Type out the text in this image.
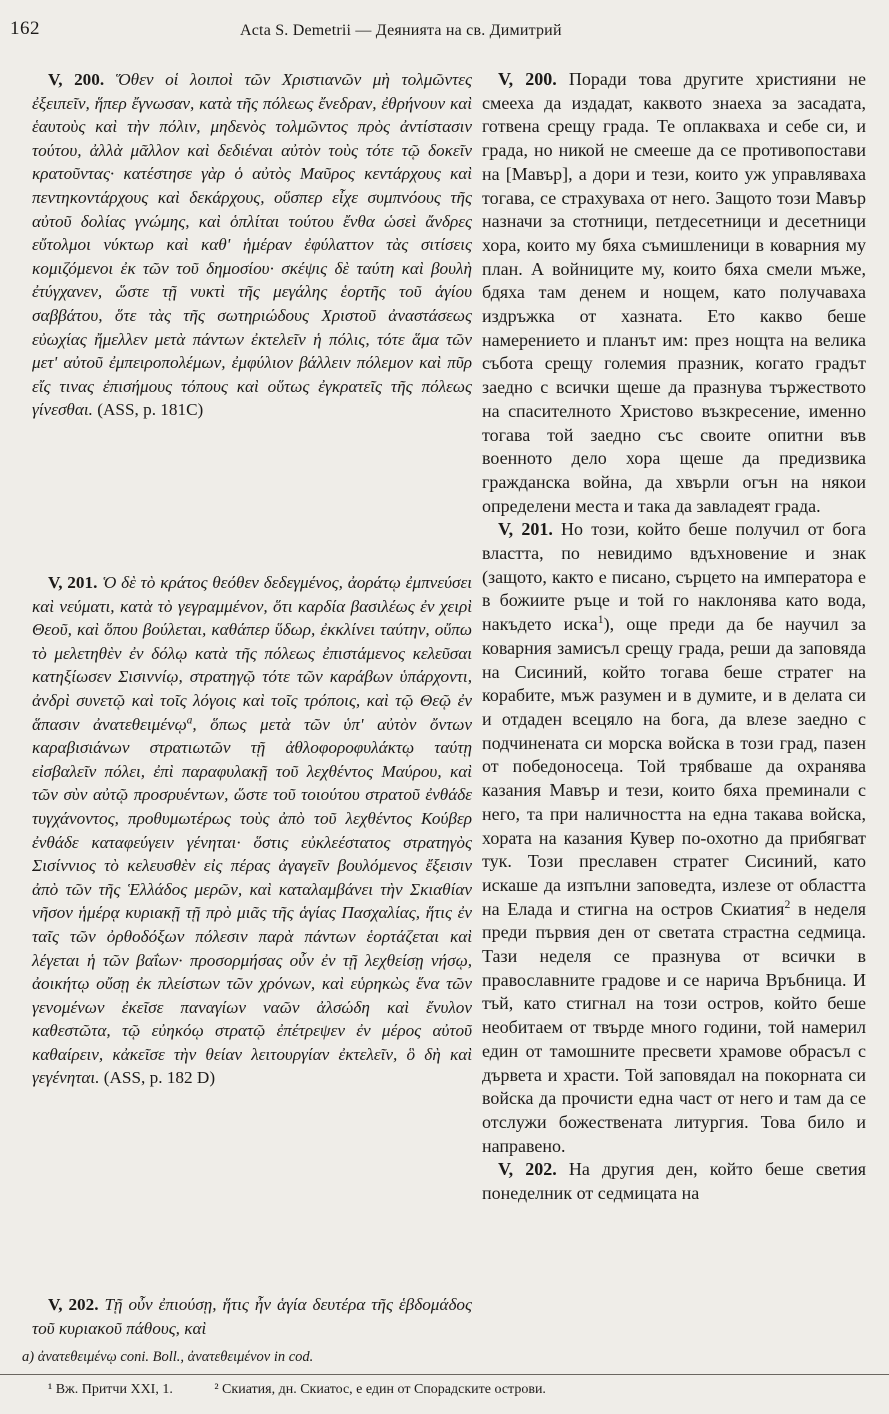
162	Acta S. Demetrii — Деянията на св. Димитрий

V, 200. Ὅθεν οἱ λοιποὶ τῶν Χριστιανῶν μὴ τολμῶντες ἐξειπεῖν, ἥπερ ἔγνωσαν, κατὰ τῆς πόλεως ἔνεδραν, ἐθρήνουν καὶ ἑαυτοὺς καὶ τὴν πόλιν, μηδενὸς τολμῶντος πρὸς ἀντίστασιν τούτου, ἀλλὰ μᾶλλον καὶ δεδιέναι αὐτὸν τοὺς τότε τῷ δοκεῖν κρατοῦντας· κατέστησε γὰρ ὁ αὐτὸς Μαῦρος κεντάρχους καὶ πεντηκοντάρχους καὶ δεκάρχους, οὕσπερ εἶχε συμπνόους τῆς αὐτοῦ δολίας γνώμης, καὶ ὁπλίται τούτου ἔνθα ὡσεὶ ἄνδρες εὔτολμοι νύκτωρ καὶ καθ' ἡμέραν ἐφύλαττον τὰς σιτίσεις κομιζόμενοι ἐκ τῶν τοῦ δημοσίου· σκέψις δὲ ταύτη καὶ βουλὴ ἐτύγχανεν, ὥστε τῇ νυκτὶ τῆς μεγάλης ἑορτῆς τοῦ ἁγίου σαββάτου, ὅτε τὰς τῆς σωτηριώδους Χριστοῦ ἀναστάσεως εὐωχίας ἤμελλεν μετὰ πάντων ἐκτελεῖν ἡ πόλις, τότε ἅμα τῶν μετ' αὐτοῦ ἐμπειροπολέμων, ἐμφύλιον βάλλειν πόλεμον καὶ πῦρ εἴς τινας ἐπισήμους τόπους καὶ οὕτως ἐγκρατεῖς τῆς πόλεως γίνεσθαι. (ASS, p. 181C)

V, 201. Ὁ δὲ τὸ κράτος θεόθεν δεδεγμένος, ἀοράτῳ ἐμπνεύσει καὶ νεύματι, κατὰ τὸ γεγραμμένον, ὅτι καρδία βασιλέως ἐν χειρὶ Θεοῦ, καὶ ὅπου βούλεται, καθάπερ ὕδωρ, ἐκκλίνει ταύτην, οὔπω τὸ μελετηθὲν ἐν δόλῳ κατὰ τῆς πόλεως ἐπιστάμενος κελεῦσαι κατηξίωσεν Σισιννίῳ, στρατηγῷ τότε τῶν καράβων ὑπάρχοντι, ἀνδρὶ συνετῷ καὶ τοῖς λόγοις καὶ τοῖς τρόποις, καὶ τῷ Θεῷ ἐν ἅπασιν ἀνατεθειμένῳ$^a$, ὅπως μετὰ τῶν ὑπ' αὐτὸν ὄντων καραβισιάνων στρατιωτῶν τῇ ἀθλοφοροφυλάκτῳ ταύτῃ εἰσβαλεῖν πόλει, ἐπὶ παραφυλακῇ τοῦ λεχθέντος Μαύρου, καὶ τῶν σὺν αὐτῷ προσρυέντων, ὥστε τοῦ τοιούτου στρατοῦ ἐνθάδε τυγχάνοντος, προθυμωτέρως τοὺς ἀπὸ τοῦ λεχθέντος Κούβερ ἐνθάδε καταφεύγειν γένηται· ὅστις εὐκλεέστατος στρατηγὸς Σισίννιος τὸ κελευσθὲν εἰς πέρας ἀγαγεῖν βουλόμενος ἔξεισιν ἀπὸ τῶν τῆς Ἑλλάδος μερῶν, καὶ καταλαμβάνει τὴν Σκιαθίαν νῆσον ἡμέρᾳ κυριακῇ τῇ πρὸ μιᾶς τῆς ἁγίας Πασχαλίας, ἥτις ἐν ταῖς τῶν ὀρθοδόξων πόλεσιν παρὰ πάντων ἑορτάζεται καὶ λέγεται ἡ τῶν βαΐων· προσορμήσας οὖν ἐν τῇ λεχθείσῃ νήσῳ, ἀοικήτῳ οὔσῃ ἐκ πλείστων τῶν χρόνων, καὶ εὑρηκὼς ἕνα τῶν γενομένων ἐκεῖσε παναγίων ναῶν ἀλσώδη καὶ ἔνυλον καθεστῶτα, τῷ εὐηκόῳ στρατῷ ἐπέτρεψεν ἐν μέρος αὐτοῦ καθαίρειν, κἀκεῖσε τὴν θείαν λειτουργίαν ἐκτελεῖν, ὃ δὴ καὶ γεγένηται. (ASS, p. 182 D)

V, 202. Τῇ οὖν ἐπιούσῃ, ἥτις ἦν ἁγία δευτέρα τῆς ἑβδομάδος τοῦ κυριακοῦ πάθους, καὶ

V, 200. Поради това другите християни не смееха да издадат, каквото знаеха за засадата, готвена срещу града. Те оплакваха и себе си, и града, но никой не смееше да се противопостави на [Мавър], а дори и тези, които уж управляваха тогава, се страхуваха от него. Защото този Мавър назначи за стотници, петдесетници и десетници хора, които му бяха съмишленици в коварния му план. А войниците му, които бяха смели мъже, бдяха там денем и нощем, като получаваха издръжка от хазната. Ето какво беше намерението и планът им: през нощта на велика събота срещу големия празник, когато градът заедно с всички щеше да празнува тържеството на спасителното Христово възкресение, именно тогава той заедно със своите опитни във военното дело хора щеше да предизвика гражданска война, да хвърли огън на някои определени места и така да завладеят града.

V, 201. Но този, който беше получил от бога властта, по невидимо вдъхновение и знак (защото, както е писано, сърцето на императора е в божиите ръце и той го наклонява като вода, накъдето иска$^1$), още преди да бе научил за коварния замисъл срещу града, реши да заповяда на Сисиний, който тогава беше стратег на корабите, мъж разумен и в думите, и в делата си и отдаден всецяло на бога, да влезе заедно с подчинената си морска войска в този град, пазен от победоносеца. Той трябваше да охранява казания Мавър и тези, които бяха преминали с него, та при наличността на една такава войска, хората на казания Кувер по-охотно да прибягват тук. Този преславен стратег Сисиний, като искаше да изпълни заповедта, излезе от областта на Елада и стигна на остров Скиатия$^2$ в неделя преди първия ден от светата страстна седмица. Тази неделя се празнува от всички в православните градове и се нарича Връбница. И тъй, като стигнал на този остров, който беше необитаем от твърде много години, той намерил един от тамошните пресвети храмове обрасъл с дървета и храсти. Той заповядал на покорната си войска да прочисти една част от него и там да се отслужи божествената литургия. Това било и направено.

V, 202. На другия ден, който беше светия понеделник от седмицата на

a) ἀνατεθειμένῳ coni. Boll., ἀνατεθειμένον in cod.
¹ Вж. Притчи XXI, 1.	² Скиатия, дн. Скиатос, е един от Спорадските острови.
